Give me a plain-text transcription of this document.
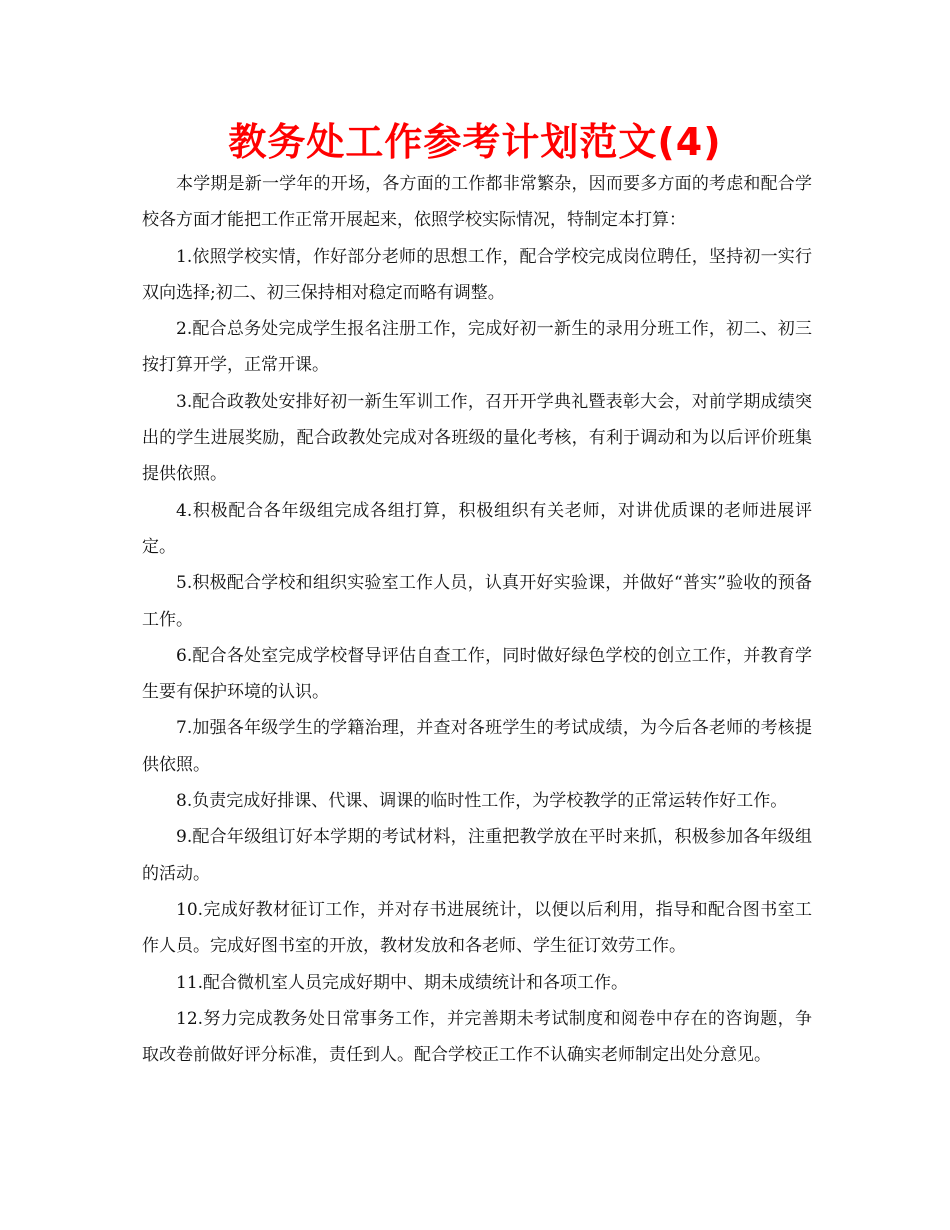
教务处工作参考计划范文(4)

本学期是新一学年的开场，各方面的工作都非常繁杂，因而要多方面的考虑和配合学校各方面才能把工作正常开展起来，依照学校实际情况，特制定本打算：

1.依照学校实情，作好部分老师的思想工作，配合学校完成岗位聘任，坚持初一实行双向选择;初二、初三保持相对稳定而略有调整。

2.配合总务处完成学生报名注册工作，完成好初一新生的录用分班工作，初二、初三按打算开学，正常开课。

3.配合政教处安排好初一新生军训工作，召开开学典礼暨表彰大会，对前学期成绩突出的学生进展奖励，配合政教处完成对各班级的量化考核，有利于调动和为以后评价班集提供依照。

4.积极配合各年级组完成各组打算，积极组织有关老师，对讲优质课的老师进展评定。

5.积极配合学校和组织实验室工作人员，认真开好实验课，并做好“普实”验收的预备工作。

6.配合各处室完成学校督导评估自查工作，同时做好绿色学校的创立工作，并教育学生要有保护环境的认识。

7.加强各年级学生的学籍治理，并查对各班学生的考试成绩，为今后各老师的考核提供依照。

8.负责完成好排课、代课、调课的临时性工作，为学校教学的正常运转作好工作。

9.配合年级组订好本学期的考试材料，注重把教学放在平时来抓，积极参加各年级组的活动。

10.完成好教材征订工作，并对存书进展统计，以便以后利用，指导和配合图书室工作人员。完成好图书室的开放，教材发放和各老师、学生征订效劳工作。

11.配合微机室人员完成好期中、期未成绩统计和各项工作。

12.努力完成教务处日常事务工作，并完善期未考试制度和阅卷中存在的咨询题，争取改卷前做好评分标准，责任到人。配合学校正工作不认确实老师制定出处分意见。
